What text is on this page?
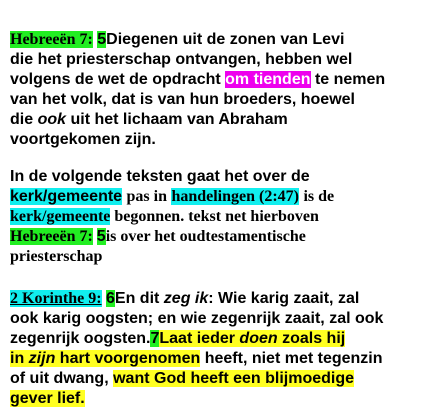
Hebreeën 7: 5Diegenen uit de zonen van Levi
die het priesterschap ontvangen, hebben wel
volgens de wet de opdracht om tienden te nemen
van het volk, dat is van hun broeders, hoewel
die ook uit het lichaam van Abraham
voortgekomen zijn.
In de volgende teksten gaat het over de
kerk/gemeente pas in handelingen (2:47) is de
kerk/gemeente begonnen. tekst net hierboven
Hebreeën 7: 5is over het oudtestamentische
priesterschap
2 Korinthe 9: 6En dit zeg ik: Wie karig zaait, zal
ook karig oogsten; en wie zegenrijk zaait, zal ook
zegenrijk oogsten.7Laat ieder doen zoals hij
in zijn hart voorgenomen heeft, niet met tegenzin
of uit dwang, want God heeft een blijmoedige
gever lief.
